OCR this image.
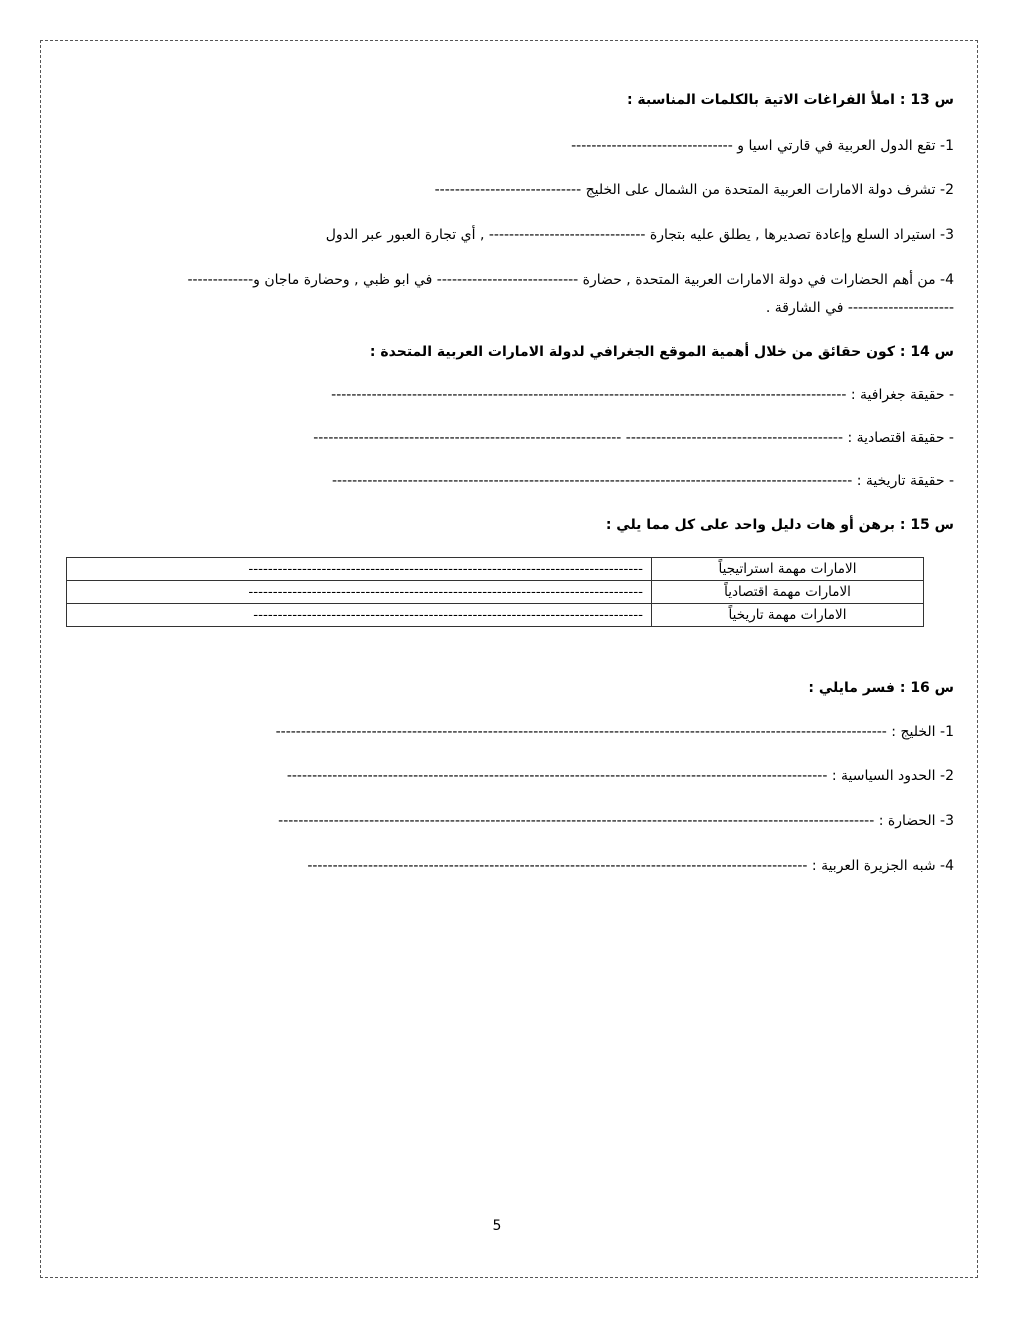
س 13 : املأ الفراغات الاتية بالكلمات المناسبة :
1- تقع الدول العربية في قارتي اسيا و --------------------------------
2- تشرف دولة الامارات العربية المتحدة من الشمال على الخليج -----------------------------
3- استيراد السلع وإعادة تصديرها , يطلق عليه بتجارة ------------------------------- , أي تجارة العبور عبر الدول
4- من أهم الحضارات في دولة الامارات العربية المتحدة , حضارة ---------------------------- في ابو ظبي , وحضارة ماجان و-------------
--------------------- في الشارقة .
س 14 : كون حقائق من خلال أهمية الموقع الجغرافي لدولة الامارات العربية المتحدة :
- حقيقة جغرافية : ------------------------------------------------------------------------------------------------------
- حقيقة اقتصادية : ------------------------------------------- -------------------------------------------------------------
- حقيقة تاريخية : -------------------------------------------------------------------------------------------------------
س 15 : برهن أو هات دليل واحد على كل مما يلي :
الامارات مهمة استراتيجياً	---------------------------------------------------------------------------------
الامارات مهمة اقتصادياً	---------------------------------------------------------------------------------
الامارات مهمة تاريخياً	--------------------------------------------------------------------------------
س 16 : فسر مايلي :
1- الخليج : -------------------------------------------------------------------------------------------------------------------------
2- الحدود السياسية : -----------------------------------------------------------------------------------------------------------
3- الحضارة : ----------------------------------------------------------------------------------------------------------------------
4- شبه الجزيرة العربية : ---------------------------------------------------------------------------------------------------
5
